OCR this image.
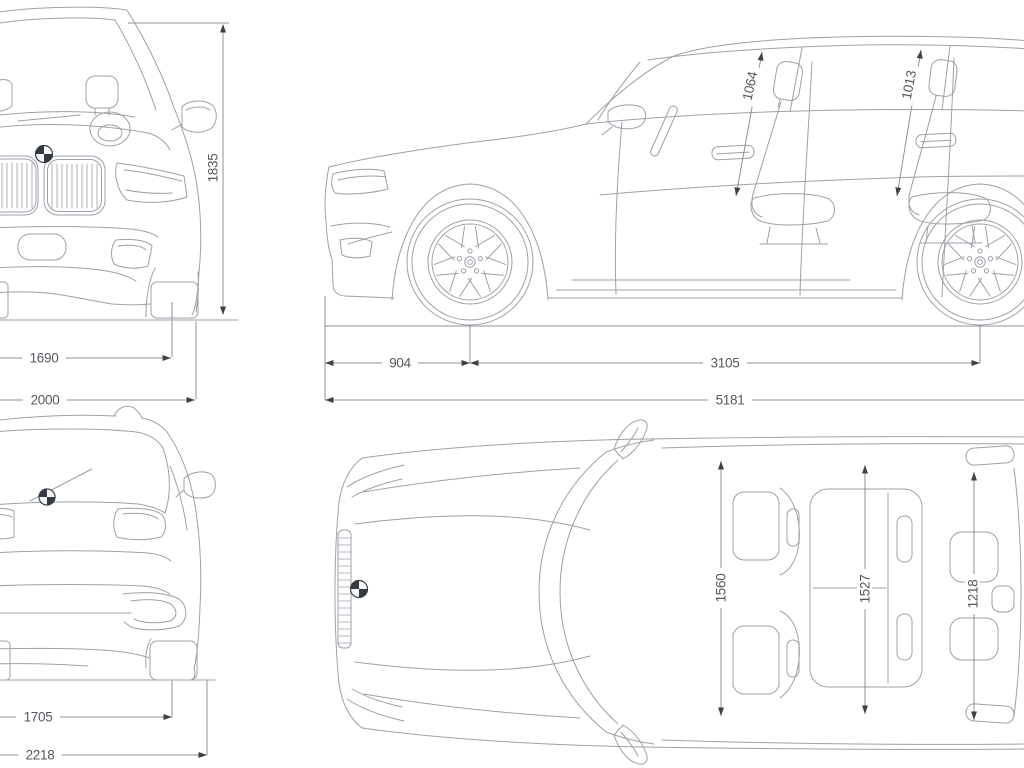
1835
1690
2000
1064	1013
904	3105
5181
1705
2218
1560	1527	1218
